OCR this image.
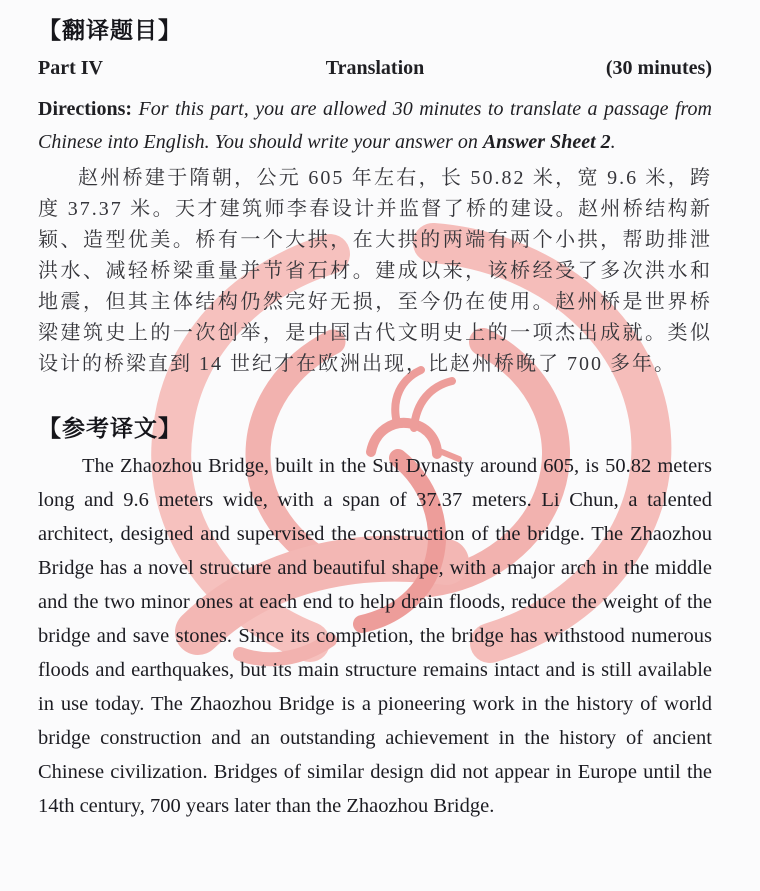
【翻译题目】
Part IV	Translation	(30 minutes)

Directions: For this part, you are allowed 30 minutes to translate a passage from Chinese into English. You should write your answer on Answer Sheet 2.

赵州桥建于隋朝，公元 605 年左右，长 50.82 米，宽 9.6 米，跨度 37.37 米。天才建筑师李春设计并监督了桥的建设。赵州桥结构新颖、造型优美。桥有一个大拱，在大拱的两端有两个小拱，帮助排泄洪水、减轻桥梁重量并节省石材。建成以来，该桥经受了多次洪水和地震，但其主体结构仍然完好无损，至今仍在使用。赵州桥是世界桥梁建筑史上的一次创举，是中国古代文明史上的一项杰出成就。类似设计的桥梁直到 14 世纪才在欧洲出现，比赵州桥晚了 700 多年。

【参考译文】

The Zhaozhou Bridge, built in the Sui Dynasty around 605, is 50.82 meters long and 9.6 meters wide, with a span of 37.37 meters. Li Chun, a talented architect, designed and supervised the construction of the bridge. The Zhaozhou Bridge has a novel structure and beautiful shape, with a major arch in the middle and the two minor ones at each end to help drain floods, reduce the weight of the bridge and save stones. Since its completion, the bridge has withstood numerous floods and earthquakes, but its main structure remains intact and is still available in use today. The Zhaozhou Bridge is a pioneering work in the history of world bridge construction and an outstanding achievement in the history of ancient Chinese civilization. Bridges of similar design did not appear in Europe until the 14th century, 700 years later than the Zhaozhou Bridge.
